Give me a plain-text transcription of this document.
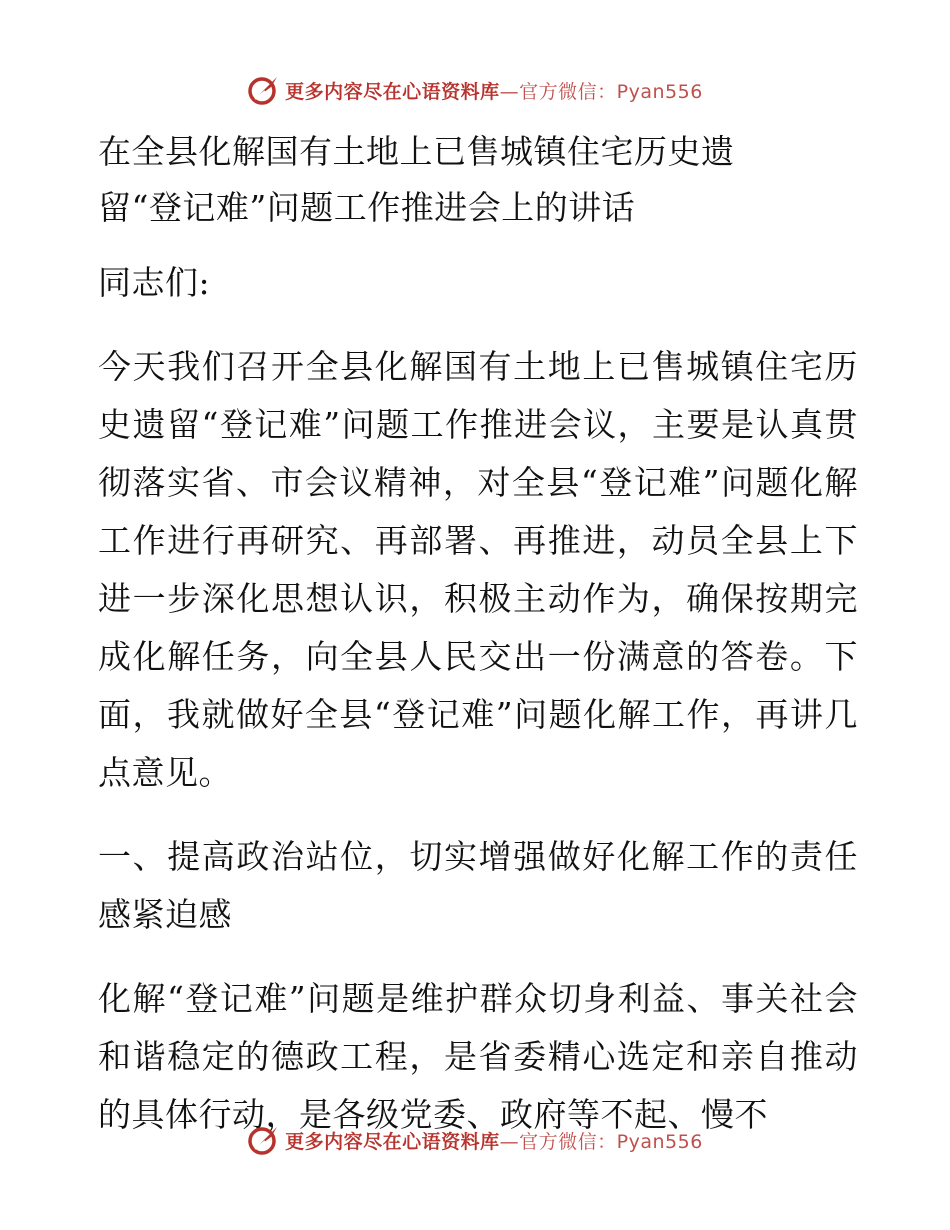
更多内容尽在心语资料库—官方微信：Pyan556

在全县化解国有土地上已售城镇住宅历史遗

留“登记难”问题工作推进会上的讲话

同志们:

今天我们召开全县化解国有土地上已售城镇住宅历史遗留“登记难”问题工作推进会议，主要是认真贯彻落实省、市会议精神，对全县“登记难”问题化解工作进行再研究、再部署、再推进，动员全县上下进一步深化思想认识，积极主动作为，确保按期完成化解任务，向全县人民交出一份满意的答卷。下面，我就做好全县“登记难”问题化解工作，再讲几点意见。

一、提高政治站位，切实增强做好化解工作的责任感紧迫感

化解“登记难”问题是维护群众切身利益、事关社会和谐稳定的德政工程，是省委精心选定和亲自推动的具体行动，是各级党委、政府等不起、慢不

更多内容尽在心语资料库—官方微信：Pyan556
